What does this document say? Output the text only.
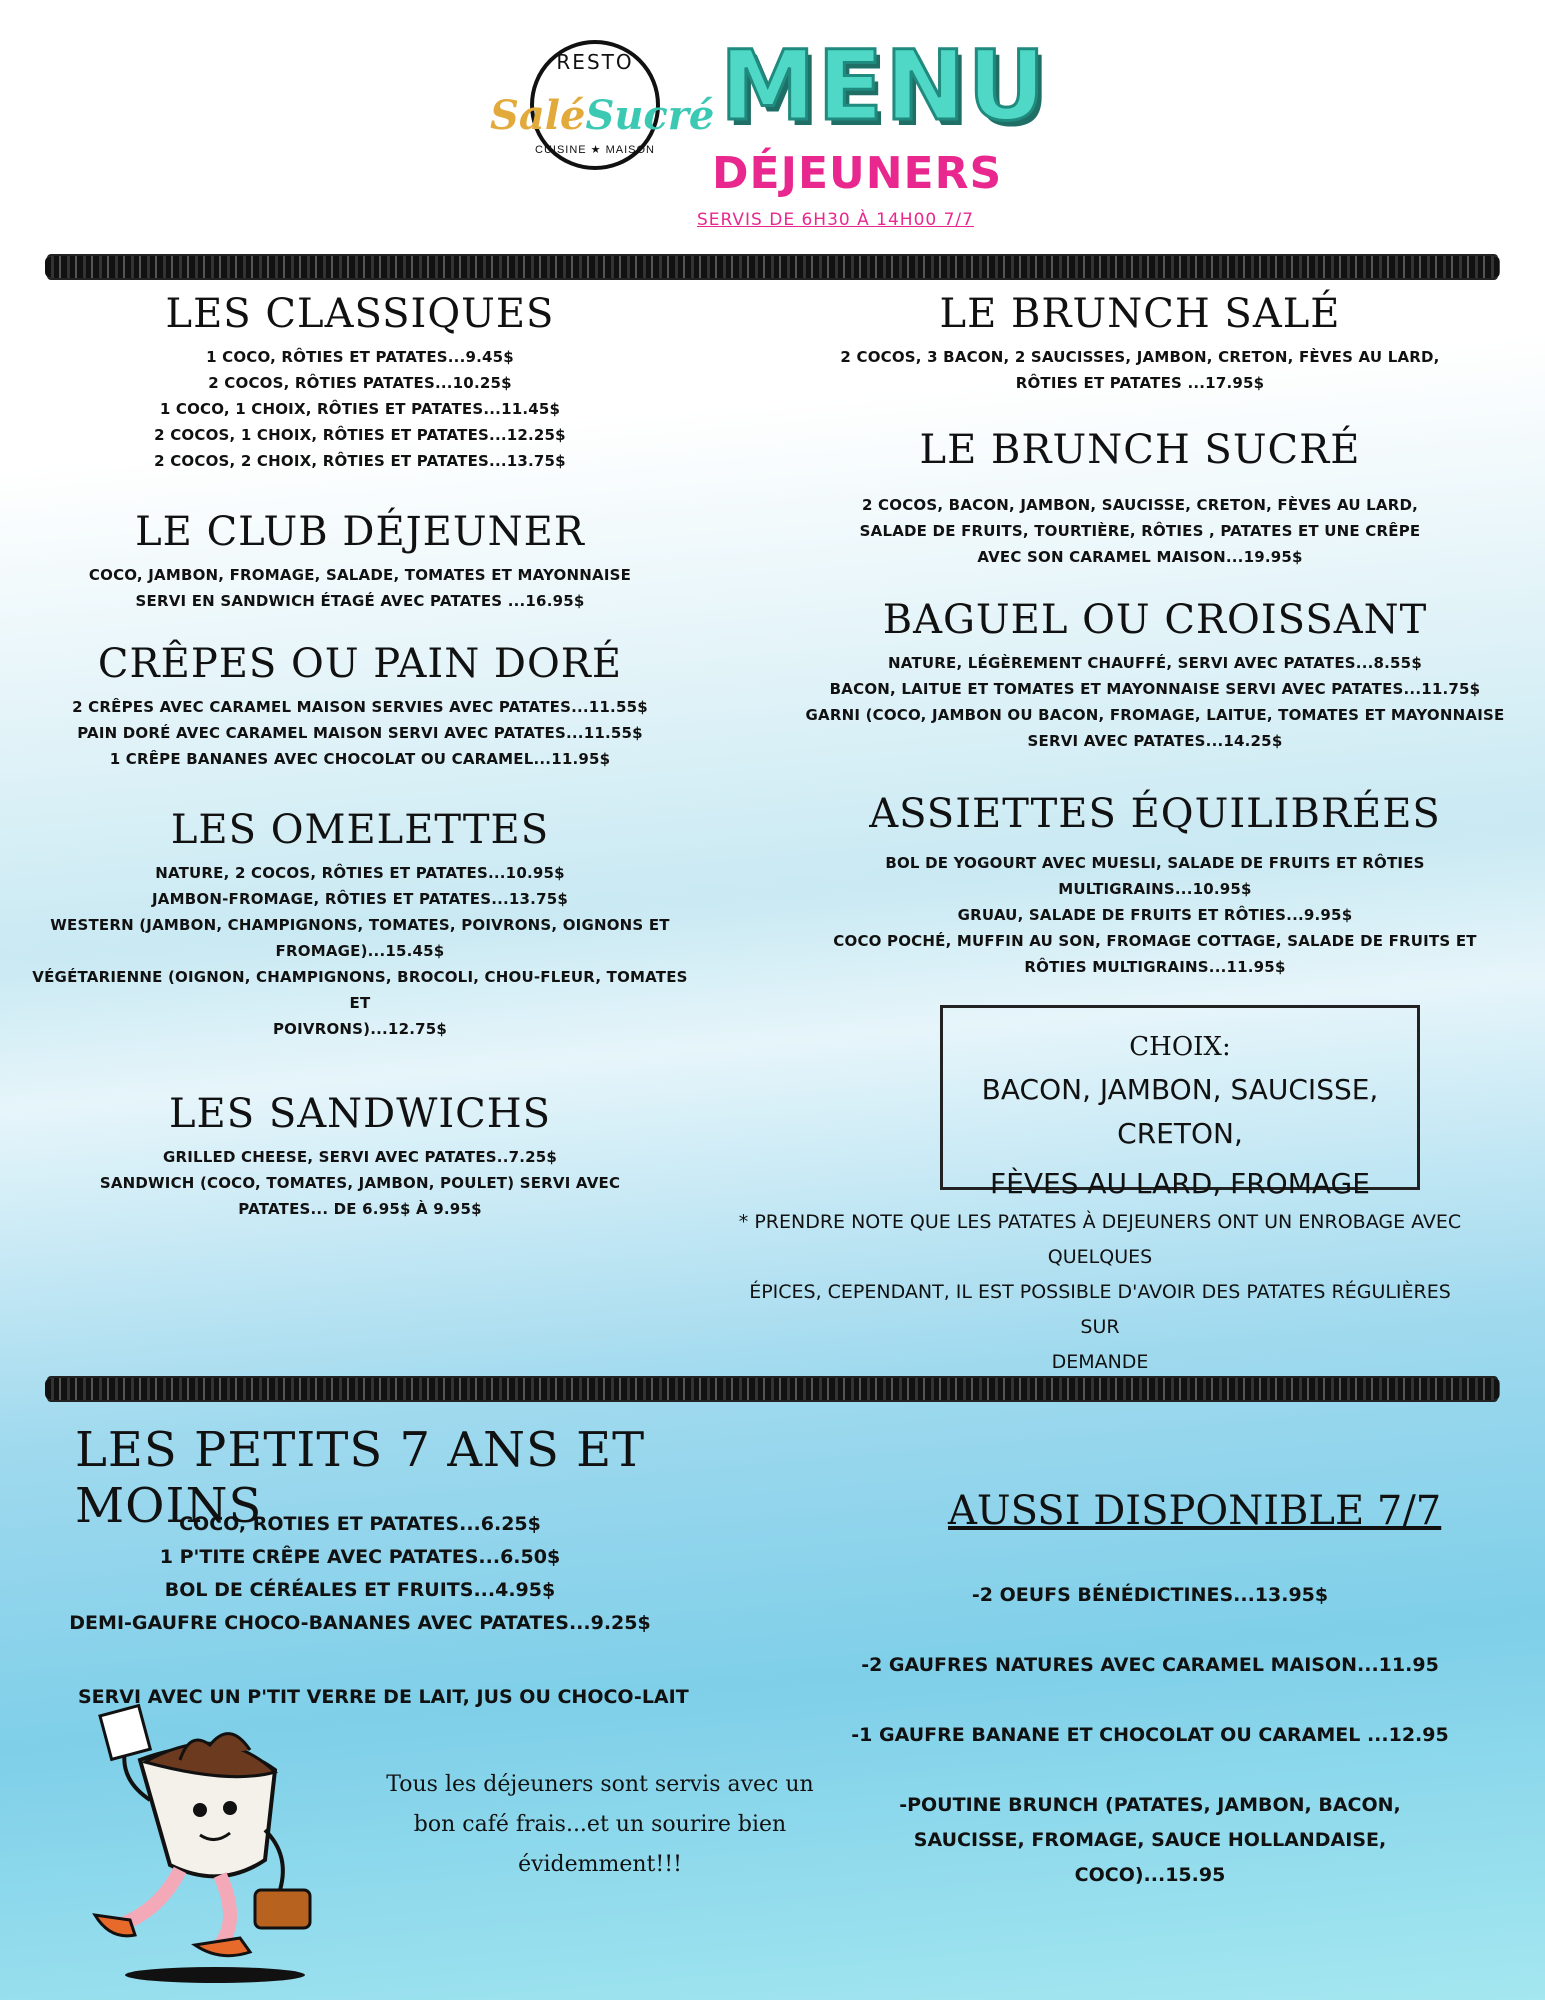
RESTO
CUISINE ★ MAISON
SaléSucré MENU
DÉJEUNERS
SERVIS DE 6H30 À 14H00 7/7
LES CLASSIQUES
1 COCO, RÔTIES ET PATATES...9.45$
2 COCOS, RÔTIES PATATES...10.25$
1 COCO, 1 CHOIX, RÔTIES ET PATATES...11.45$
2 COCOS, 1 CHOIX, RÔTIES ET PATATES...12.25$
2 COCOS, 2 CHOIX, RÔTIES ET PATATES...13.75$
LE CLUB DÉJEUNER
COCO, JAMBON, FROMAGE, SALADE, TOMATES ET MAYONNAISE
SERVI EN SANDWICH ÉTAGÉ AVEC PATATES ...16.95$
CRÊPES OU PAIN DORÉ
2 CRÊPES AVEC CARAMEL MAISON SERVIES AVEC PATATES...11.55$
PAIN DORÉ AVEC CARAMEL MAISON SERVI AVEC PATATES...11.55$
1 CRÊPE BANANES AVEC CHOCOLAT OU CARAMEL...11.95$
LES OMELETTES
NATURE, 2 COCOS, RÔTIES ET PATATES...10.95$
JAMBON-FROMAGE, RÔTIES ET PATATES...13.75$
WESTERN (JAMBON, CHAMPIGNONS, TOMATES, POIVRONS, OIGNONS ET
FROMAGE)...15.45$
VÉGÉTARIENNE (OIGNON, CHAMPIGNONS, BROCOLI, CHOU-FLEUR, TOMATES ET
POIVRONS)...12.75$
LES SANDWICHS
GRILLED CHEESE, SERVI AVEC PATATES..7.25$
SANDWICH (COCO, TOMATES, JAMBON, POULET) SERVI AVEC
PATATES... DE 6.95$ À 9.95$
LE BRUNCH SALÉ
2 COCOS, 3 BACON, 2 SAUCISSES, JAMBON, CRETON, FÈVES AU LARD,
RÔTIES ET PATATES ...17.95$
LE BRUNCH SUCRÉ
2 COCOS, BACON, JAMBON, SAUCISSE, CRETON, FÈVES AU LARD,
SALADE DE FRUITS, TOURTIÈRE, RÔTIES , PATATES ET UNE CRÊPE
AVEC SON CARAMEL MAISON...19.95$
BAGUEL OU CROISSANT
NATURE, LÉGÈREMENT CHAUFFÉ, SERVI AVEC PATATES...8.55$
BACON, LAITUE ET TOMATES ET MAYONNAISE SERVI AVEC PATATES...11.75$
GARNI (COCO, JAMBON OU BACON, FROMAGE, LAITUE, TOMATES ET MAYONNAISE
SERVI AVEC PATATES...14.25$
ASSIETTES ÉQUILIBRÉES
BOL DE YOGOURT AVEC MUESLI, SALADE DE FRUITS ET RÔTIES
MULTIGRAINS...10.95$
GRUAU, SALADE DE FRUITS ET RÔTIES...9.95$
COCO POCHÉ, MUFFIN AU SON, FROMAGE COTTAGE, SALADE DE FRUITS ET
RÔTIES MULTIGRAINS...11.95$
CHOIX:
BACON, JAMBON, SAUCISSE, CRETON,
FÈVES AU LARD, FROMAGE
* PRENDRE NOTE QUE LES PATATES À DEJEUNERS ONT UN ENROBAGE AVEC QUELQUES
ÉPICES, CEPENDANT, IL EST POSSIBLE D'AVOIR DES PATATES RÉGULIÈRES SUR
DEMANDE
LES PETITS 7 ANS ET MOINS
COCO, ROTIES ET PATATES...6.25$
1 P'TITE CRÊPE AVEC PATATES...6.50$
BOL DE CÉRÉALES ET FRUITS...4.95$
DEMI-GAUFRE CHOCO-BANANES AVEC PATATES...9.25$
SERVI AVEC UN P'TIT VERRE DE LAIT, JUS OU CHOCO-LAIT
Tous les déjeuners sont servis avec un
bon café frais...et un sourire bien
évidemment!!!
AUSSI DISPONIBLE 7/7
-2 OEUFS BÉNÉDICTINES...13.95$
-2 GAUFRES NATURES AVEC CARAMEL MAISON...11.95
-1 GAUFRE BANANE ET CHOCOLAT OU CARAMEL ...12.95
-POUTINE BRUNCH (PATATES, JAMBON, BACON,
SAUCISSE, FROMAGE, SAUCE HOLLANDAISE, COCO)...15.95
